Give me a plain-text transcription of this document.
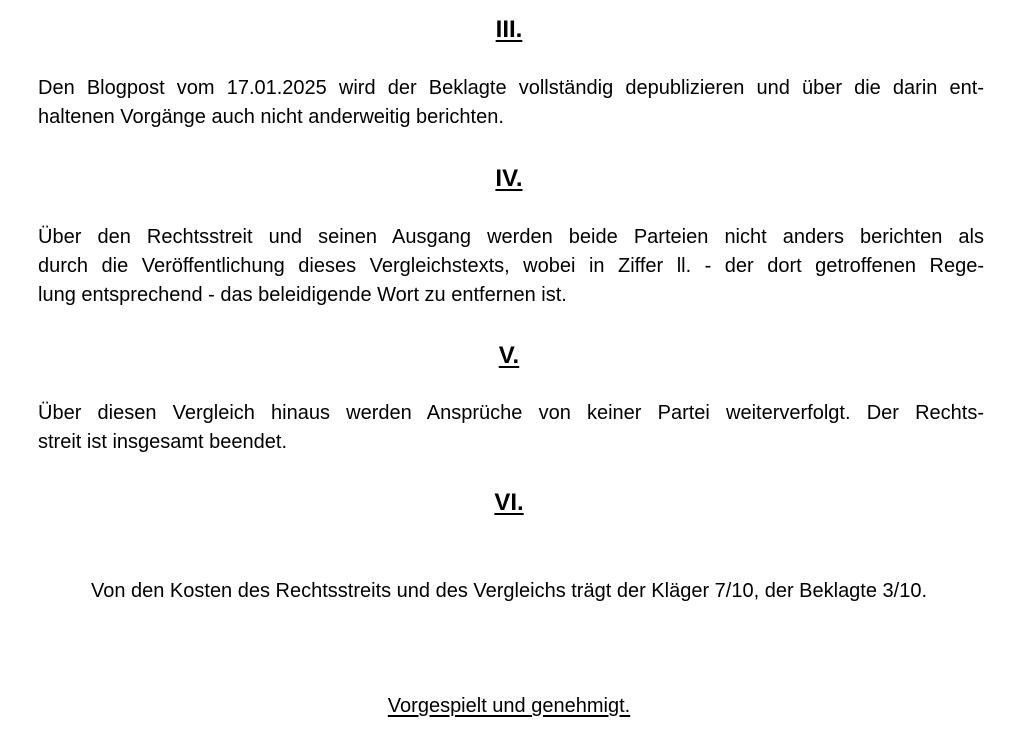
III.
Den Blogpost vom 17.01.2025 wird der Beklagte vollständig depublizieren und über die darin ent-
haltenen Vorgänge auch nicht anderweitig berichten.
IV.
Über den Rechtsstreit und seinen Ausgang werden beide Parteien nicht anders berichten als
durch die Veröffentlichung dieses Vergleichstexts, wobei in Ziffer ll. - der dort getroffenen Rege-
lung entsprechend - das beleidigende Wort zu entfernen ist.
V.
Über diesen Vergleich hinaus werden Ansprüche von keiner Partei weiterverfolgt. Der Rechts-
streit ist insgesamt beendet.
VI.
Von den Kosten des Rechtsstreits und des Vergleichs trägt der Kläger 7/10, der Beklagte 3/10.
Vorgespielt und genehmigt.
